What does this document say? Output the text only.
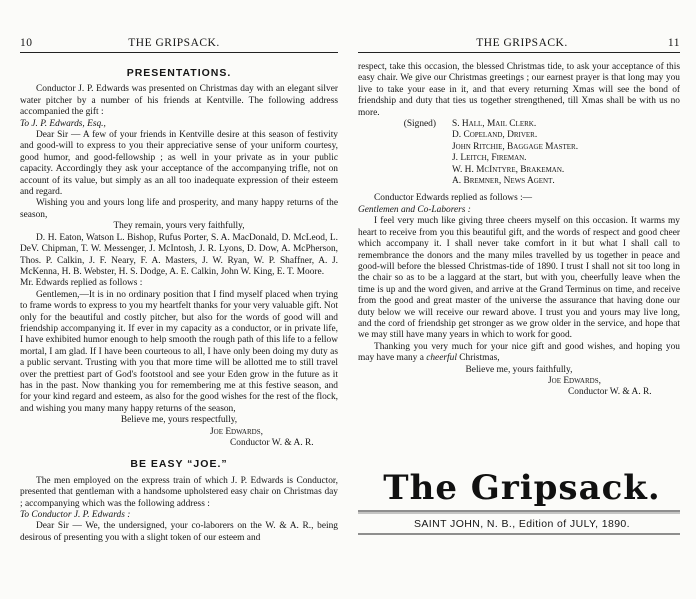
10	THE GRIPSACK.
PRESENTATIONS.

Conductor J. P. Edwards was presented on Christmas day with an elegant silver water pitcher by a number of his friends at Kentville. The following address accompanied the gift :

To J. P. Edwards, Esq.,

Dear Sir — A few of your friends in Kentville desire at this season of festivity and good-will to express to you their appreciative sense of your uniform courtesy, good humor, and good-fellowship ; as well in your private as in your public capacity. Accordingly they ask your acceptance of the accompanying trifle, not on account of its value, but simply as an all too inadequate expression of their esteem and regard.

Wishing you and yours long life and prosperity, and many happy returns of the season,

They remain, yours very faithfully,

D. H. Eaton, Watson L. Bishop, Rufus Porter, S. A. MacDonald, D. McLeod, L. DeV. Chipman, T. W. Messenger, J. McIntosh, J. R. Lyons, D. Dow, A. McPherson, Thos. P. Calkin, J. F. Neary, F. A. Masters, J. W. Ryan, W. P. Shaffner, A. J. McKenna, H. B. Webster, H. S. Dodge, A. E. Calkin, John W. King, E. T. Moore.

Mr. Edwards replied as follows :

Gentlemen,—It is in no ordinary position that I find myself placed when trying to frame words to express to you my heartfelt thanks for your very valuable gift. Not only for the beautiful and costly pitcher, but also for the words of good will and friendship accompanying it. If ever in my capacity as a conductor, or in private life, I have exhibited humor enough to help smooth the rough path of this life to a fellow mortal, I am glad. If I have been courteous to all, I have only been doing my duty as a public servant. Trusting with you that more time will be allotted me to still travel over the prettiest part of God's footstool and see your Eden grow in the future as it has in the past. Now thanking you for remembering me at this festive season, and for your kind regard and esteem, as also for the good wishes for the rest of the flock, and wishing you many many happy returns of the season,

Believe me, yours respectfully,

Joe Edwards,

Conductor W. & A. R.

BE EASY “JOE.”

The men employed on the express train of which J. P. Edwards is Conductor, presented that gentleman with a handsome upholstered easy chair on Christmas day ; accompanying which was the following address :

To Conductor J. P. Edwards :

Dear Sir — We, the undersigned, your co-laborers on the W. & A. R., being desirous of presenting you with a slight token of our esteem and

THE GRIPSACK.	11

respect, take this occasion, the blessed Christmas tide, to ask your acceptance of this easy chair. We give our Christmas greetings ; our earnest prayer is that long may you live to take your ease in it, and that every returning Xmas will see the bond of friendship and duty that ties us together strengthened, till Xmas shall be with us no more.

(Signed)	S. Hall, Mail Clerk.
D. Copeland, Driver.
John Ritchie, Baggage Master.
J. Leitch, Fireman.
W. H. McIntyre, Brakeman.
A. Bremner, News Agent.

Conductor Edwards replied as follows :—

Gentlemen and Co-Laborers :

I feel very much like giving three cheers myself on this occasion. It warms my heart to receive from you this beautiful gift, and the words of respect and good cheer which accompany it. I shall never take comfort in it but what I shall call to remembrance the donors and the many miles travelled by us together in peace and good-will before the blessed Christmas-tide of 1890. I trust I shall not sit too long in the chair so as to be a laggard at the start, but with you, cheerfully leave when the time is up and the word given, and arrive at the Grand Terminus on time, and receive from the good and great master of the universe the assurance that having done our duty below we will receive our reward above. I trust you and yours may live long, and the cord of friendship get stronger as we grow older in the service, and hope that we may still have many years in which to work for good.

Thanking you very much for your nice gift and good wishes, and hoping you may have many a cheerful Christmas,

Believe me, yours faithfully,

Joe Edwards,

Conductor W. & A. R.

The Gripsack.
SAINT JOHN, N. B., Edition of JULY, 1890.
